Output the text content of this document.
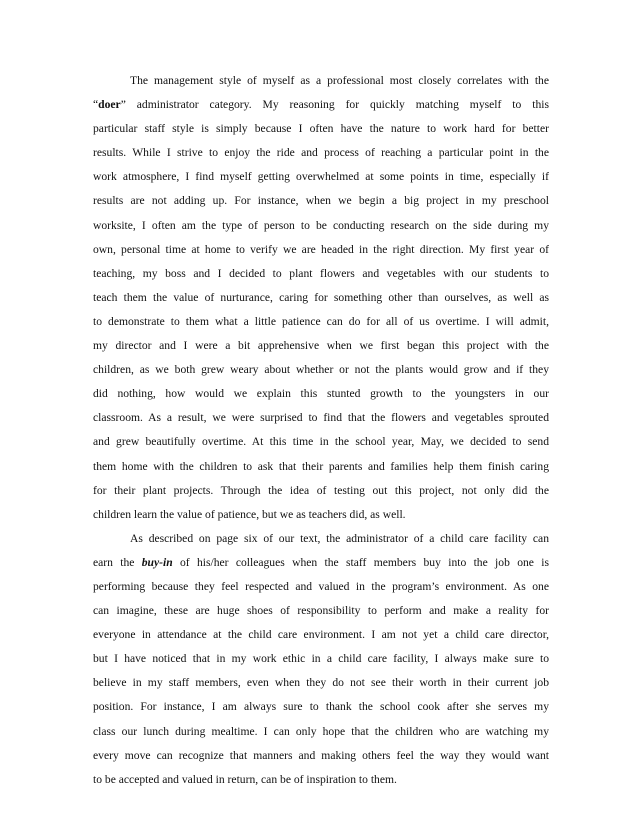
The management style of myself as a professional most closely correlates with the
“doer” administrator category. My reasoning for quickly matching myself to this
particular staff style is simply because I often have the nature to work hard for better
results. While I strive to enjoy the ride and process of reaching a particular point in the
work atmosphere, I find myself getting overwhelmed at some points in time, especially if
results are not adding up. For instance, when we begin a big project in my preschool
worksite, I often am the type of person to be conducting research on the side during my
own, personal time at home to verify we are headed in the right direction. My first year of
teaching, my boss and I decided to plant flowers and vegetables with our students to
teach them the value of nurturance, caring for something other than ourselves, as well as
to demonstrate to them what a little patience can do for all of us overtime. I will admit,
my director and I were a bit apprehensive when we first began this project with the
children, as we both grew weary about whether or not the plants would grow and if they
did nothing, how would we explain this stunted growth to the youngsters in our
classroom. As a result, we were surprised to find that the flowers and vegetables sprouted
and grew beautifully overtime. At this time in the school year, May, we decided to send
them home with the children to ask that their parents and families help them finish caring
for their plant projects. Through the idea of testing out this project, not only did the
children learn the value of patience, but we as teachers did, as well.
As described on page six of our text, the administrator of a child care facility can
earn the buy-in of his/her colleagues when the staff members buy into the job one is
performing because they feel respected and valued in the program’s environment. As one
can imagine, these are huge shoes of responsibility to perform and make a reality for
everyone in attendance at the child care environment. I am not yet a child care director,
but I have noticed that in my work ethic in a child care facility, I always make sure to
believe in my staff members, even when they do not see their worth in their current job
position. For instance, I am always sure to thank the school cook after she serves my
class our lunch during mealtime. I can only hope that the children who are watching my
every move can recognize that manners and making others feel the way they would want
to be accepted and valued in return, can be of inspiration to them.
